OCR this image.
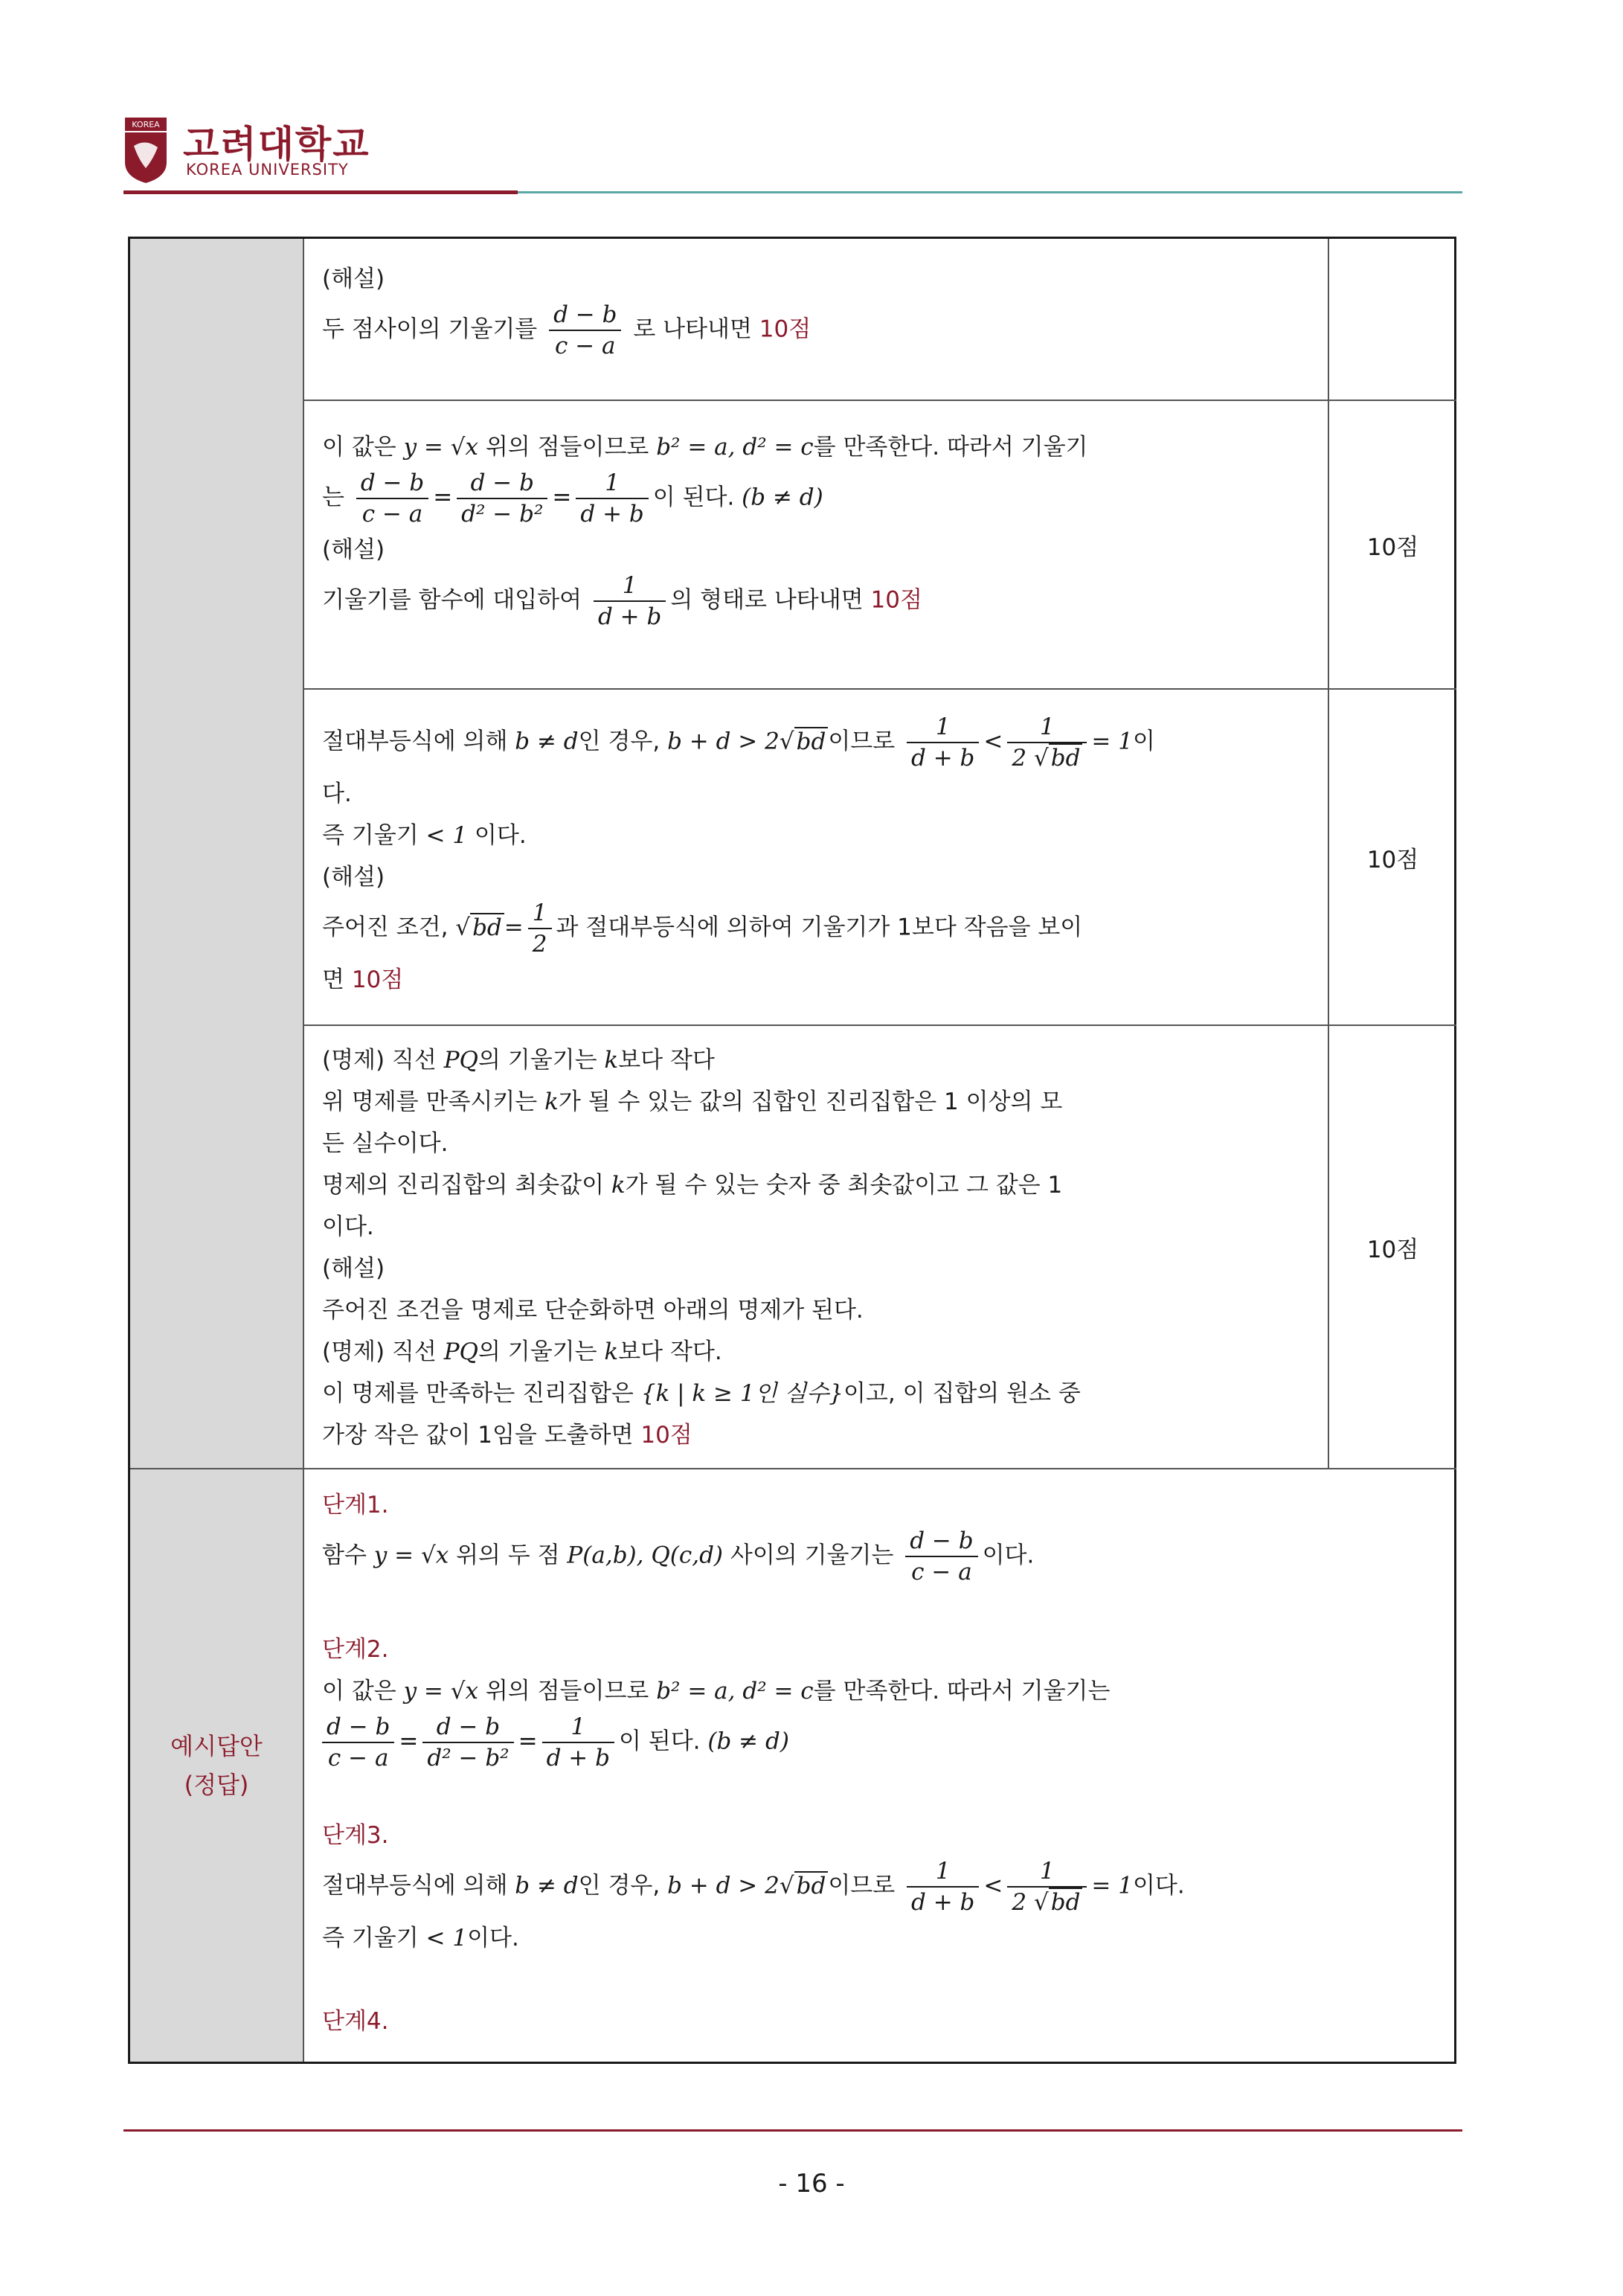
KOREA 고려대학교
KOREA UNIVERSITY
예시답안
(정답)

(해설)

두 점사이의 기울기를 $\frac{d - b}{c - a}$ 로 나타내면 10점

이 값은 y = √x 위의 점들이므로 b² = a, d² = c를 만족한다. 따라서 기울기

는 $\frac{d - b}{c - a} = \frac{d - b}{\text{d² − b²}} = \frac{1}{d + b}$ 이 된다. (b ≠ d)

(해설)

기울기를 함수에 대입하여 $\frac{1}{d + b}$ 의 형태로 나타내면 10점

10점

절대부등식에 의해 b ≠ d인 경우, b + d > 2√bd이므로 $\frac{1}{d + b} < \frac{1}{2 √bd} = 1$이

다.

즉 기울기 < 1 이다.

(해설)

주어진 조건, $√bd= \frac{1}{2}$ 과 절대부등식에 의하여 기울기가 1보다 작음을 보이

면 10점

10점

(명제) 직선 PQ의 기울기는 k보다 작다

위 명제를 만족시키는 k가 될 수 있는 값의 집합인 진리집합은 1 이상의 모

든 실수이다.

명제의 진리집합의 최솟값이 k가 될 수 있는 숫자 중 최솟값이고 그 값은 1

이다.

(해설)

주어진 조건을 명제로 단순화하면 아래의 명제가 된다.

(명제) 직선 PQ의 기울기는 k보다 작다.

이 명제를 만족하는 진리집합은 {k | k ≥ 1인 실수}이고, 이 집합의 원소 중

가장 작은 값이 1임을 도출하면 10점

10점

단계1.

함수 y = √x 위의 두 점 P(a,b), Q(c,d) 사이의 기울기는 $\frac{d - b}{c - a}$ 이다.

단계2.

이 값은 y = √x 위의 점들이므로 b² = a, d² = c를 만족한다. 따라서 기울기는

$\frac{d - b}{c - a} = \frac{d - b}{\text{d² − b²}} = \frac{1}{d + b}$ 이 된다. (b ≠ d)

단계3.

절대부등식에 의해 b ≠ d인 경우, b + d > 2√bd이므로 $\frac{1}{d + b} < \frac{1}{2 √bd} = 1$이다.

즉 기울기 < 1이다.

단계4.

- 16 -
